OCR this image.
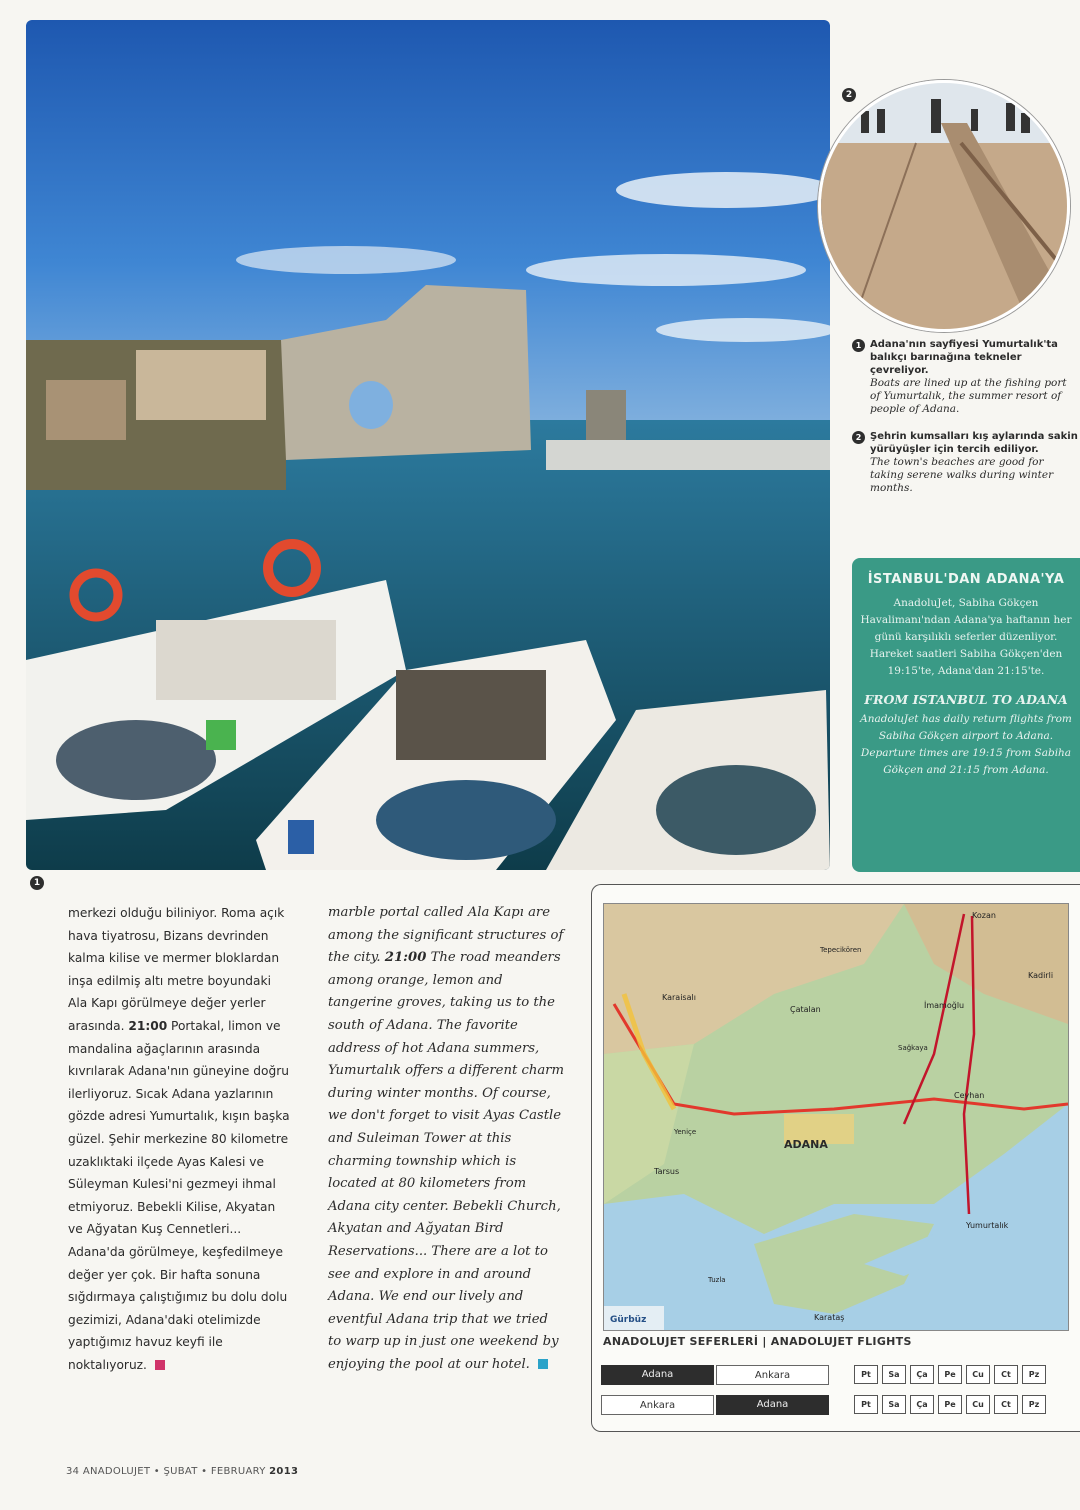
1
2
1 Adana'nın sayfiyesi Yumurtalık'ta balıkçı barınağına tekneler çevreliyor.
Boats are lined up at the fishing port of Yumurtalık, the summer resort of people of Adana.
2 Şehrin kumsalları kış aylarında sakin yürüyüşler için tercih ediliyor.
The town's beaches are good for taking serene walks during winter months.
İSTANBUL'DAN ADANA'YA
AnadoluJet, Sabiha Gökçen Havalimanı'ndan Adana'ya haftanın her günü karşılıklı seferler düzenliyor. Hareket saatleri Sabiha Gökçen'den 19:15'te, Adana'dan 21:15'te.
FROM ISTANBUL TO ADANA
AnadoluJet has daily return flights from Sabiha Gökçen airport to Adana. Departure times are 19:15 from Sabiha Gökçen and 21:15 from Adana.
merkezi olduğu biliniyor. Roma açık hava tiyatrosu, Bizans devrinden kalma kilise ve mermer bloklardan inşa edilmiş altı metre boyundaki Ala Kapı görülmeye değer yerler arasında. 21:00 Portakal, limon ve mandalina ağaçlarının arasında kıvrılarak Adana'nın güneyine doğru ilerliyoruz. Sıcak Adana yazlarının gözde adresi Yumurtalık, kışın başka güzel. Şehir merkezine 80 kilometre uzaklıktaki ilçede Ayas Kalesi ve Süleyman Kulesi'ni gezmeyi ihmal etmiyoruz. Bebekli Kilise, Akyatan ve Ağyatan Kuş Cennetleri... Adana'da görülmeye, keşfedilmeye değer yer çok. Bir hafta sonuna sığdırmaya çalıştığımız bu dolu dolu gezimizi, Adana'daki otelimizde yaptığımız havuz keyfi ile noktalıyoruz.
marble portal called Ala Kapı are among the significant structures of the city. 21:00 The road meanders among orange, lemon and tangerine groves, taking us to the south of Adana. The favorite address of hot Adana summers, Yumurtalık offers a different charm during winter months. Of course, we don't forget to visit Ayas Castle and Suleiman Tower at this charming township which is located at 80 kilometers from Adana city center. Bebekli Church, Akyatan and Ağyatan Bird Reservations... There are a lot to see and explore in and around Adana. We end our lively and eventful Adana trip that we tried to warp up in just one weekend by enjoying the pool at our hotel.
ADANA
Kozan
Kadirli
Karaisalı
Tepecikören
İmamoğlu
Çatalan
Sağkaya
Ceyhan
Yumurtalık
Karataş
Tarsus
Tuzla
Yeniçe
Gürbüz
ANADOLUJET SEFERLERİ | ANADOLUJET FLIGHTS
Adana	Ankara	Pt	Sa	Ça	Pe	Cu	Ct	Pz
Ankara	Adana	Pt	Sa	Ça	Pe	Cu	Ct	Pz
34 ANADOLUJET • ŞUBAT • FEBRUARY 2013
